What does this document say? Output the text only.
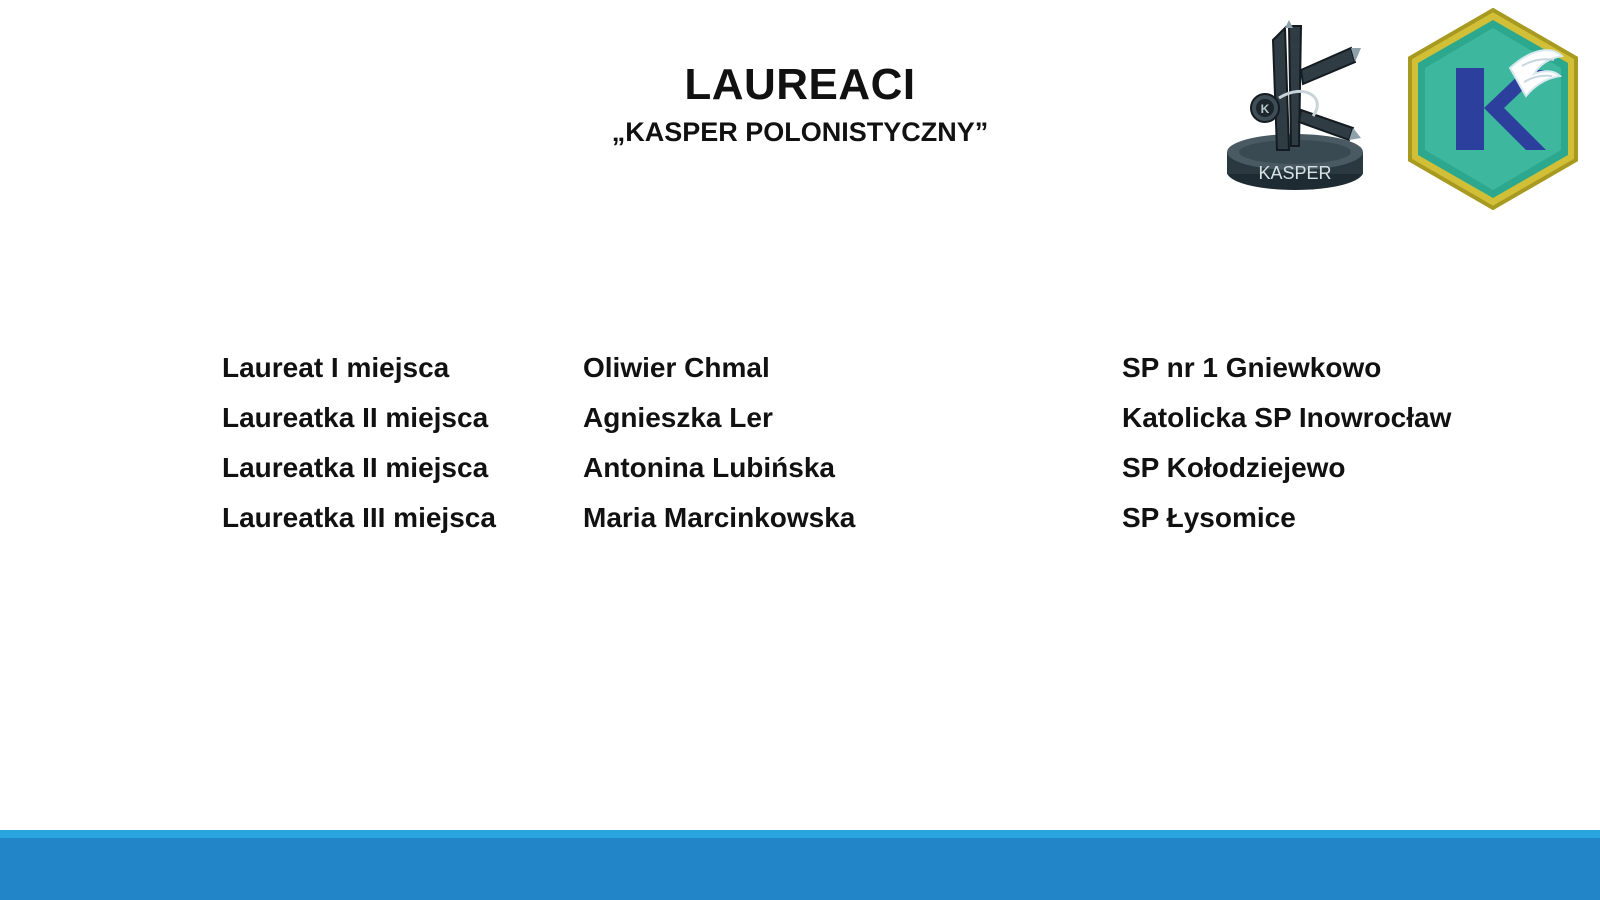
LAUREACI
„KASPER POLONISTYCZNY”
K
KASPER
Laureat I miejsca	Oliwier Chmal	SP nr 1 Gniewkowo
Laureatka II miejsca	Agnieszka Ler	Katolicka SP Inowrocław
Laureatka II miejsca	Antonina Lubińska	SP Kołodziejewo
Laureatka III miejsca	Maria Marcinkowska	SP Łysomice
